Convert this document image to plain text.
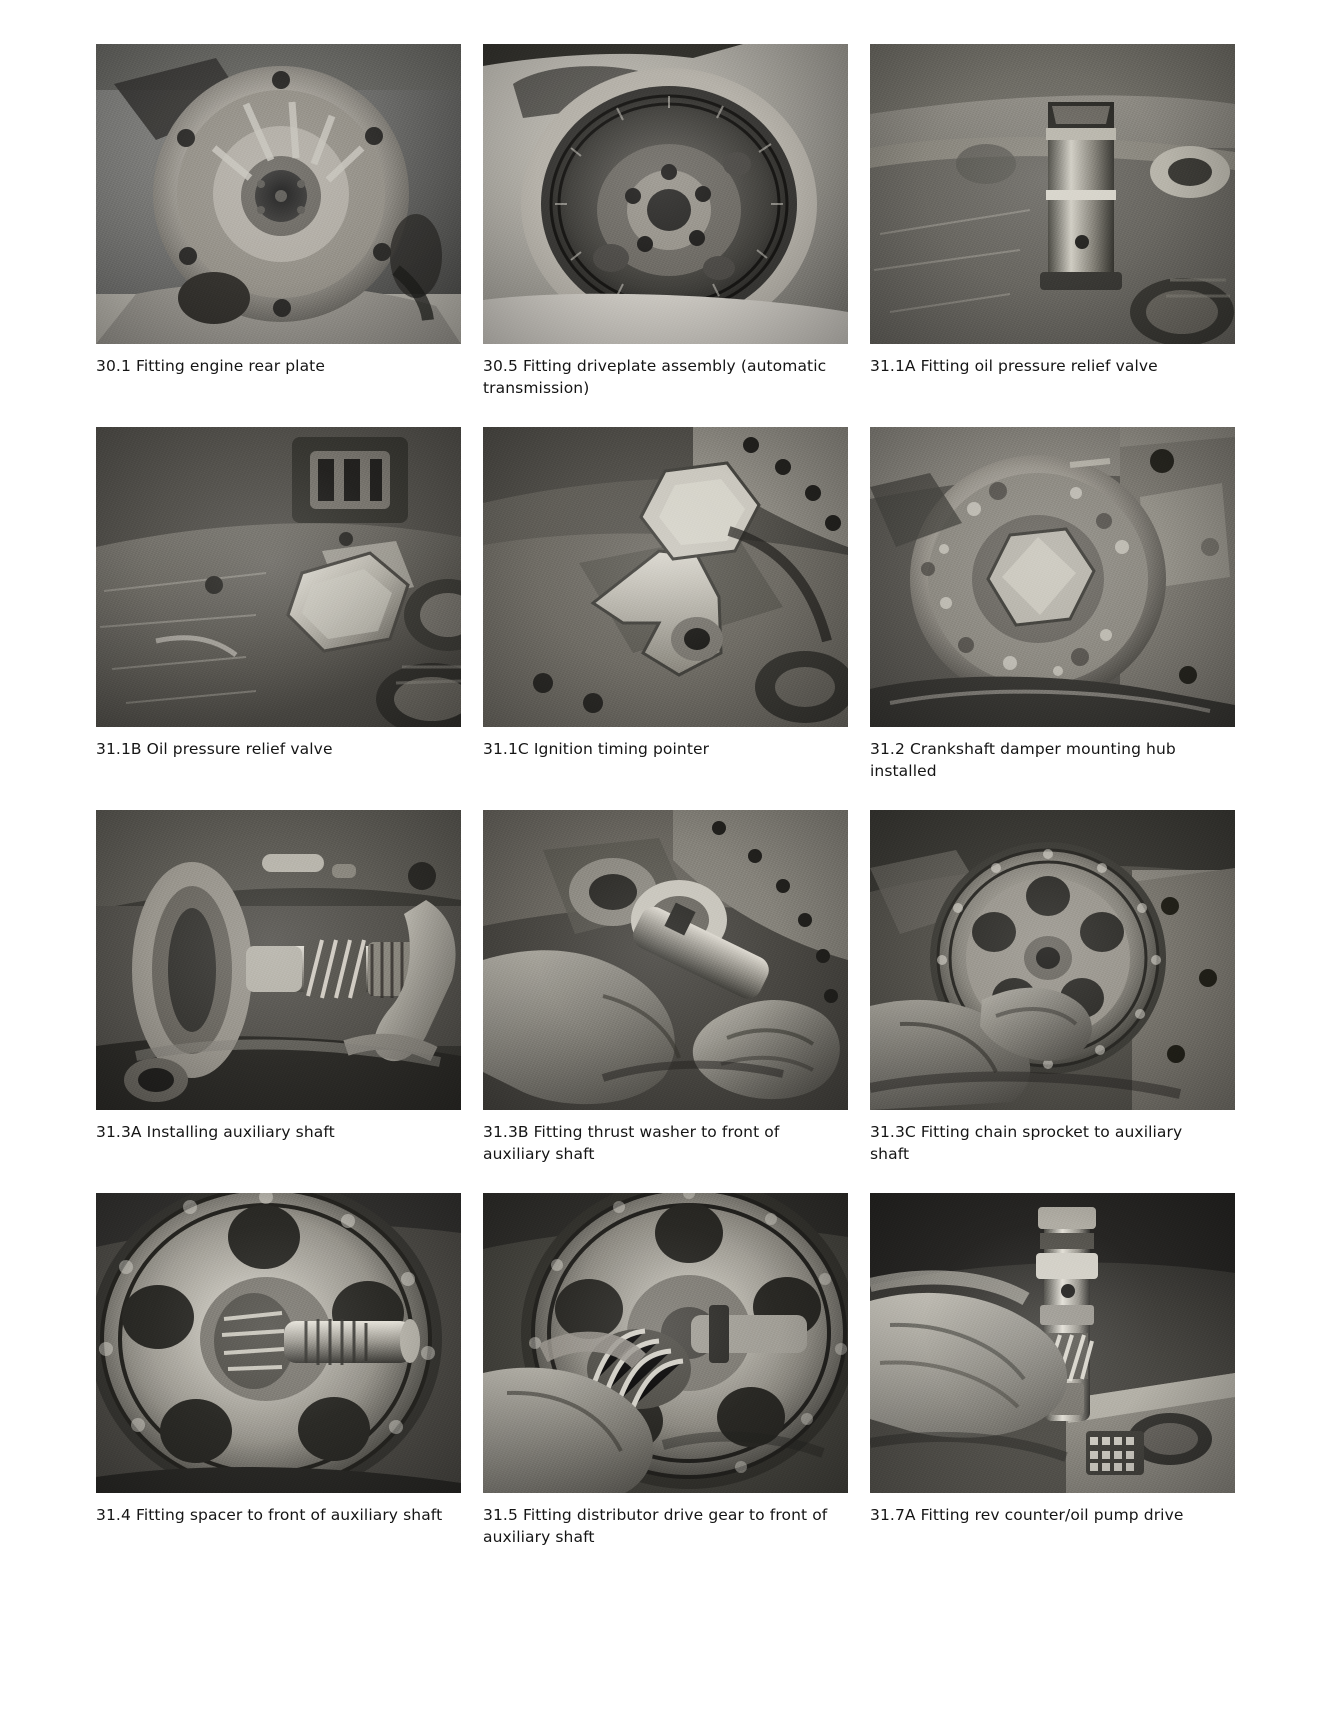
30.1 Fitting engine rear plate	30.5 Fitting driveplate assembly (automatic transmission)
31.1A Fitting oil pressure relief valve
31.1B Oil pressure relief valve	31.1C Ignition timing pointer	31.2 Crankshaft damper mounting hub installed
31.3A Installing auxiliary shaft	31.3B Fitting thrust washer to front of auxiliary shaft
31.3C Fitting chain sprocket to auxiliary shaft
31.4 Fitting spacer to front of auxiliary shaft	31.5 Fitting distributor drive gear to front of auxiliary shaft
31.7A Fitting rev counter/oil pump drive
